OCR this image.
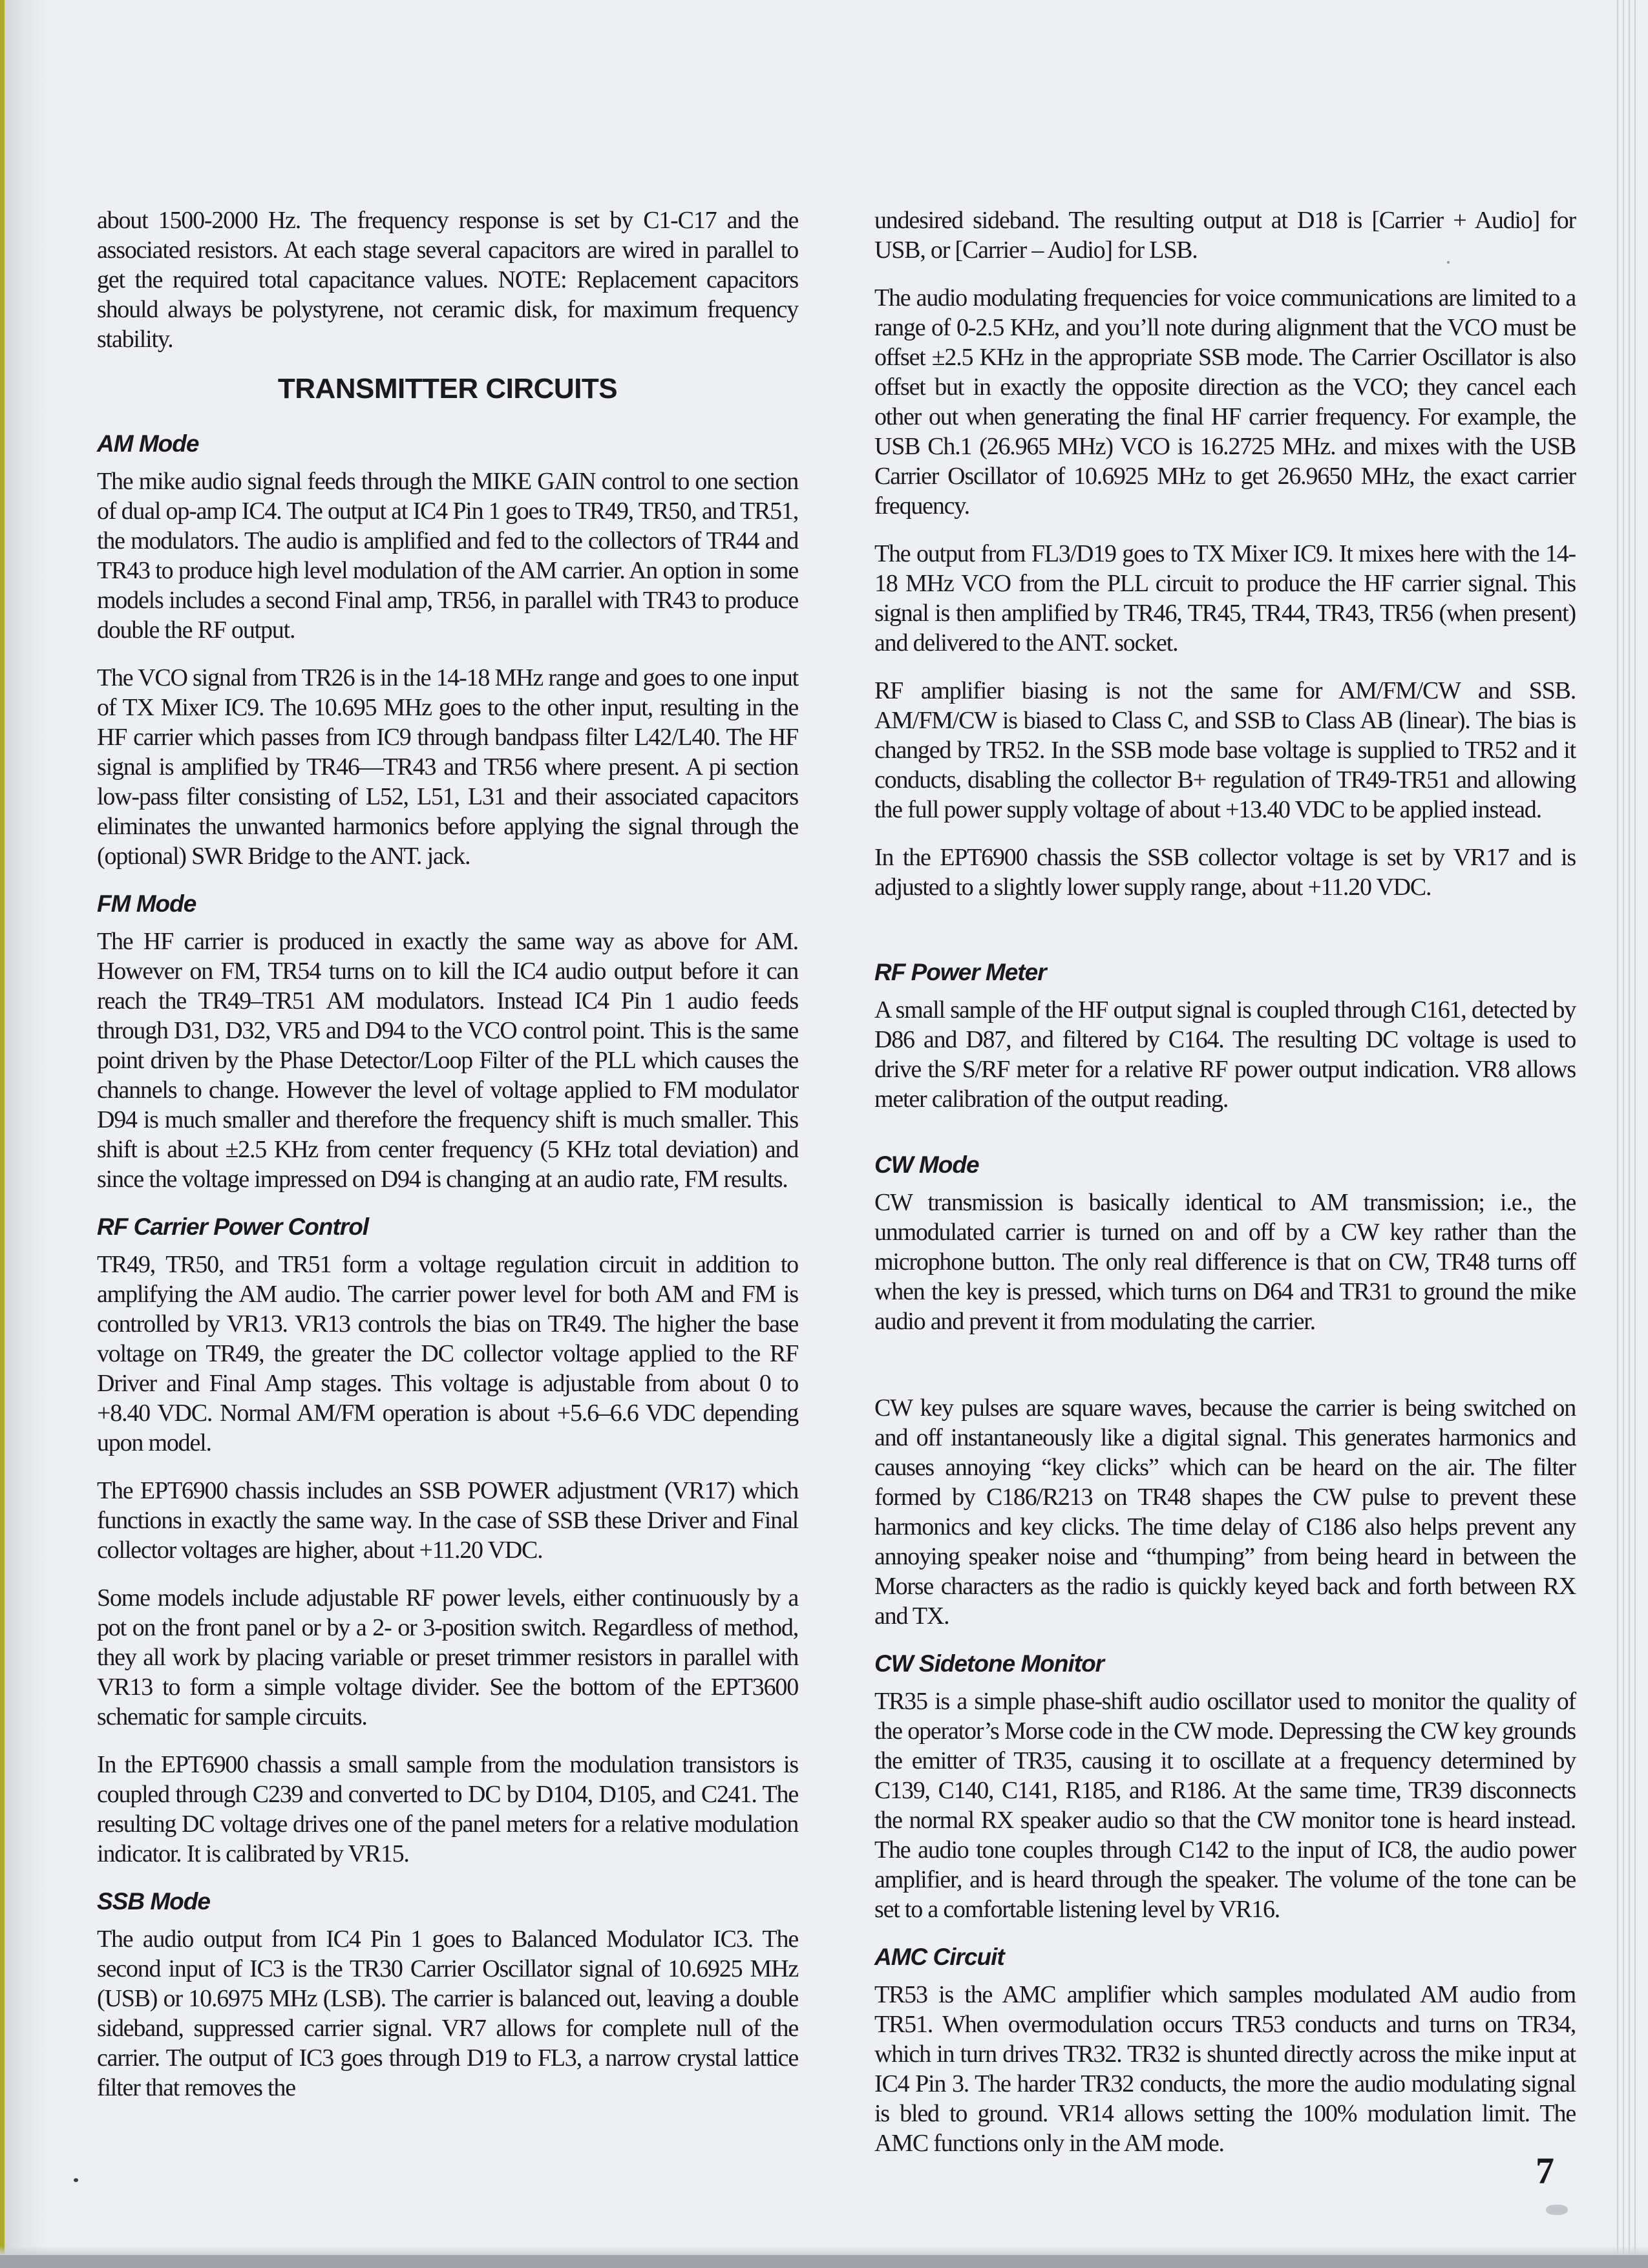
about 1500-2000 Hz. The frequency response is set by C1-C17 and the associated resistors. At each stage several capacitors are wired in parallel to get the required total capacitance values. NOTE: Replacement capacitors should always be polystyrene, not ceramic disk, for maximum frequency stability.

TRANSMITTER CIRCUITS
AM Mode

The mike audio signal feeds through the MIKE GAIN control to one section of dual op-amp IC4. The output at IC4 Pin 1 goes to TR49, TR50, and TR51, the modulators. The audio is amplified and fed to the collectors of TR44 and TR43 to produce high level modulation of the AM carrier. An option in some models includes a second Final amp, TR56, in parallel with TR43 to produce double the RF output.

The VCO signal from TR26 is in the 14-18 MHz range and goes to one input of TX Mixer IC9. The 10.695 MHz goes to the other input, resulting in the HF carrier which passes from IC9 through bandpass filter L42/L40. The HF signal is amplified by TR46—TR43 and TR56 where present. A pi section low-pass filter consisting of L52, L51, L31 and their associated capacitors eliminates the unwanted harmonics before applying the signal through the (optional) SWR Bridge to the ANT. jack.

FM Mode

The HF carrier is produced in exactly the same way as above for AM. However on FM, TR54 turns on to kill the IC4 audio output before it can reach the TR49–TR51 AM modulators. Instead IC4 Pin 1 audio feeds through D31, D32, VR5 and D94 to the VCO control point. This is the same point driven by the Phase Detector/Loop Filter of the PLL which causes the channels to change. However the level of voltage applied to FM modulator D94 is much smaller and therefore the frequency shift is much smaller. This shift is about ±2.5 KHz from center frequency (5 KHz total deviation) and since the voltage impressed on D94 is changing at an audio rate, FM results.

RF Carrier Power Control

TR49, TR50, and TR51 form a voltage regulation circuit in addition to amplifying the AM audio. The carrier power level for both AM and FM is controlled by VR13. VR13 controls the bias on TR49. The higher the base voltage on TR49, the greater the DC collector voltage applied to the RF Driver and Final Amp stages. This voltage is adjustable from about 0 to +8.40 VDC. Normal AM/FM operation is about +5.6–6.6 VDC depending upon model.

The EPT6900 chassis includes an SSB POWER adjustment (VR17) which functions in exactly the same way. In the case of SSB these Driver and Final collector voltages are higher, about +11.20 VDC.

Some models include adjustable RF power levels, either continuously by a pot on the front panel or by a 2- or 3-position switch. Regardless of method, they all work by placing variable or preset trimmer resistors in parallel with VR13 to form a simple voltage divider. See the bottom of the EPT3600 schematic for sample circuits.

In the EPT6900 chassis a small sample from the modulation transistors is coupled through C239 and converted to DC by D104, D105, and C241. The resulting DC voltage drives one of the panel meters for a relative modulation indicator. It is calibrated by VR15.

SSB Mode

The audio output from IC4 Pin 1 goes to Balanced Modulator IC3. The second input of IC3 is the TR30 Carrier Oscillator signal of 10.6925 MHz (USB) or 10.6975 MHz (LSB). The carrier is balanced out, leaving a double sideband, suppressed carrier signal. VR7 allows for complete null of the carrier. The output of IC3 goes through D19 to FL3, a narrow crystal lattice filter that removes the

undesired sideband. The resulting output at D18 is [Carrier + Audio] for USB, or [Carrier – Audio] for LSB.

The audio modulating frequencies for voice communications are limited to a range of 0-2.5 KHz, and you’ll note during alignment that the VCO must be offset ±2.5 KHz in the appropriate SSB mode. The Carrier Oscillator is also offset but in exactly the opposite direction as the VCO; they cancel each other out when generating the final HF carrier frequency. For example, the USB Ch.1 (26.965 MHz) VCO is 16.2725 MHz. and mixes with the USB Carrier Oscillator of 10.6925 MHz to get 26.9650 MHz, the exact carrier frequency.

The output from FL3/D19 goes to TX Mixer IC9. It mixes here with the 14-18 MHz VCO from the PLL circuit to produce the HF carrier signal. This signal is then amplified by TR46, TR45, TR44, TR43, TR56 (when present) and delivered to the ANT. socket.

RF amplifier biasing is not the same for AM/FM/CW and SSB. AM/FM/CW is biased to Class C, and SSB to Class AB (linear). The bias is changed by TR52. In the SSB mode base voltage is supplied to TR52 and it conducts, disabling the collector B+ regulation of TR49-TR51 and allowing the full power supply voltage of about +13.40 VDC to be applied instead.

In the EPT6900 chassis the SSB collector voltage is set by VR17 and is adjusted to a slightly lower supply range, about +11.20 VDC.

RF Power Meter

A small sample of the HF output signal is coupled through C161, detected by D86 and D87, and filtered by C164. The resulting DC voltage is used to drive the S/RF meter for a relative RF power output indication. VR8 allows meter calibration of the output reading.

CW Mode

CW transmission is basically identical to AM transmission; i.e., the unmodulated carrier is turned on and off by a CW key rather than the microphone button. The only real difference is that on CW, TR48 turns off when the key is pressed, which turns on D64 and TR31 to ground the mike audio and prevent it from modulating the carrier.

CW key pulses are square waves, because the carrier is being switched on and off instantaneously like a digital signal. This generates harmonics and causes annoying “key clicks” which can be heard on the air. The filter formed by C186/R213 on TR48 shapes the CW pulse to prevent these harmonics and key clicks. The time delay of C186 also helps prevent any annoying speaker noise and “thumping” from being heard in between the Morse characters as the radio is quickly keyed back and forth between RX and TX.

CW Sidetone Monitor

TR35 is a simple phase-shift audio oscillator used to monitor the quality of the operator’s Morse code in the CW mode. Depressing the CW key grounds the emitter of TR35, causing it to oscillate at a frequency determined by C139, C140, C141, R185, and R186. At the same time, TR39 disconnects the normal RX speaker audio so that the CW monitor tone is heard instead. The audio tone couples through C142 to the input of IC8, the audio power amplifier, and is heard through the speaker. The volume of the tone can be set to a comfortable listening level by VR16.

AMC Circuit

TR53 is the AMC amplifier which samples modulated AM audio from TR51. When overmodulation occurs TR53 conducts and turns on TR34, which in turn drives TR32. TR32 is shunted directly across the mike input at IC4 Pin 3. The harder TR32 conducts, the more the audio modulating signal is bled to ground. VR14 allows setting the 100% modulation limit. The AMC functions only in the AM mode.

7
